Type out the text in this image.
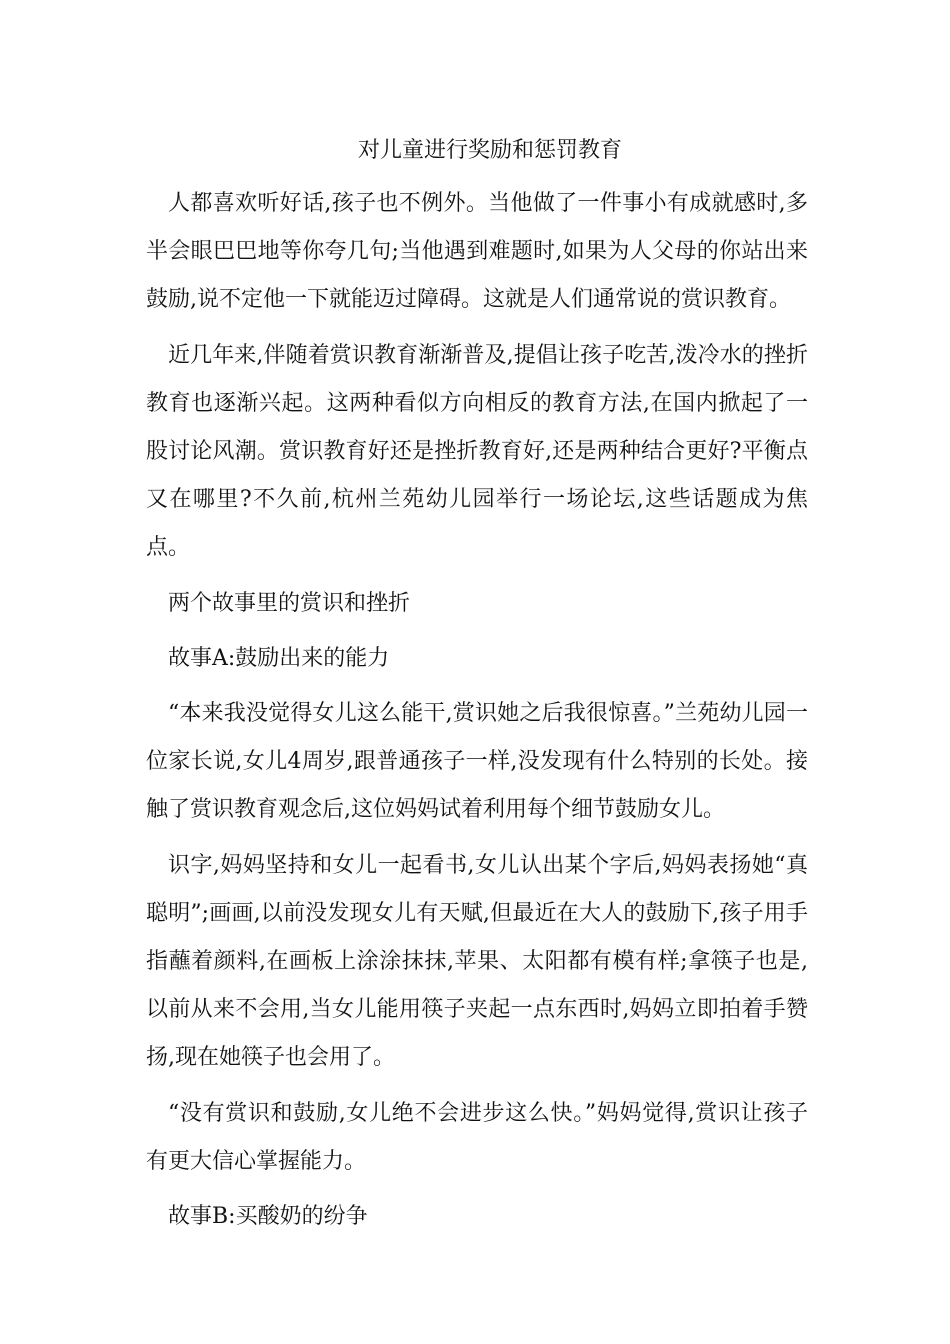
对儿童进行奖励和惩罚教育

人都喜欢听好话,孩子也不例外。当他做了一件事小有成就感时,多半会眼巴巴地等你夸几句;当他遇到难题时,如果为人父母的你站出来鼓励,说不定他一下就能迈过障碍。这就是人们通常说的赏识教育。

近几年来,伴随着赏识教育渐渐普及,提倡让孩子吃苦,泼冷水的挫折教育也逐渐兴起。这两种看似方向相反的教育方法,在国内掀起了一股讨论风潮。赏识教育好还是挫折教育好,还是两种结合更好?平衡点又在哪里?不久前,杭州兰苑幼儿园举行一场论坛,这些话题成为焦点。

两个故事里的赏识和挫折

故事A:鼓励出来的能力

“本来我没觉得女儿这么能干,赏识她之后我很惊喜。”兰苑幼儿园一位家长说,女儿4周岁,跟普通孩子一样,没发现有什么特别的长处。接触了赏识教育观念后,这位妈妈试着利用每个细节鼓励女儿。

识字,妈妈坚持和女儿一起看书,女儿认出某个字后,妈妈表扬她“真聪明”;画画,以前没发现女儿有天赋,但最近在大人的鼓励下,孩子用手指蘸着颜料,在画板上涂涂抹抹,苹果、太阳都有模有样;拿筷子也是,以前从来不会用,当女儿能用筷子夹起一点东西时,妈妈立即拍着手赞扬,现在她筷子也会用了。

“没有赏识和鼓励,女儿绝不会进步这么快。”妈妈觉得,赏识让孩子有更大信心掌握能力。

故事B:买酸奶的纷争
